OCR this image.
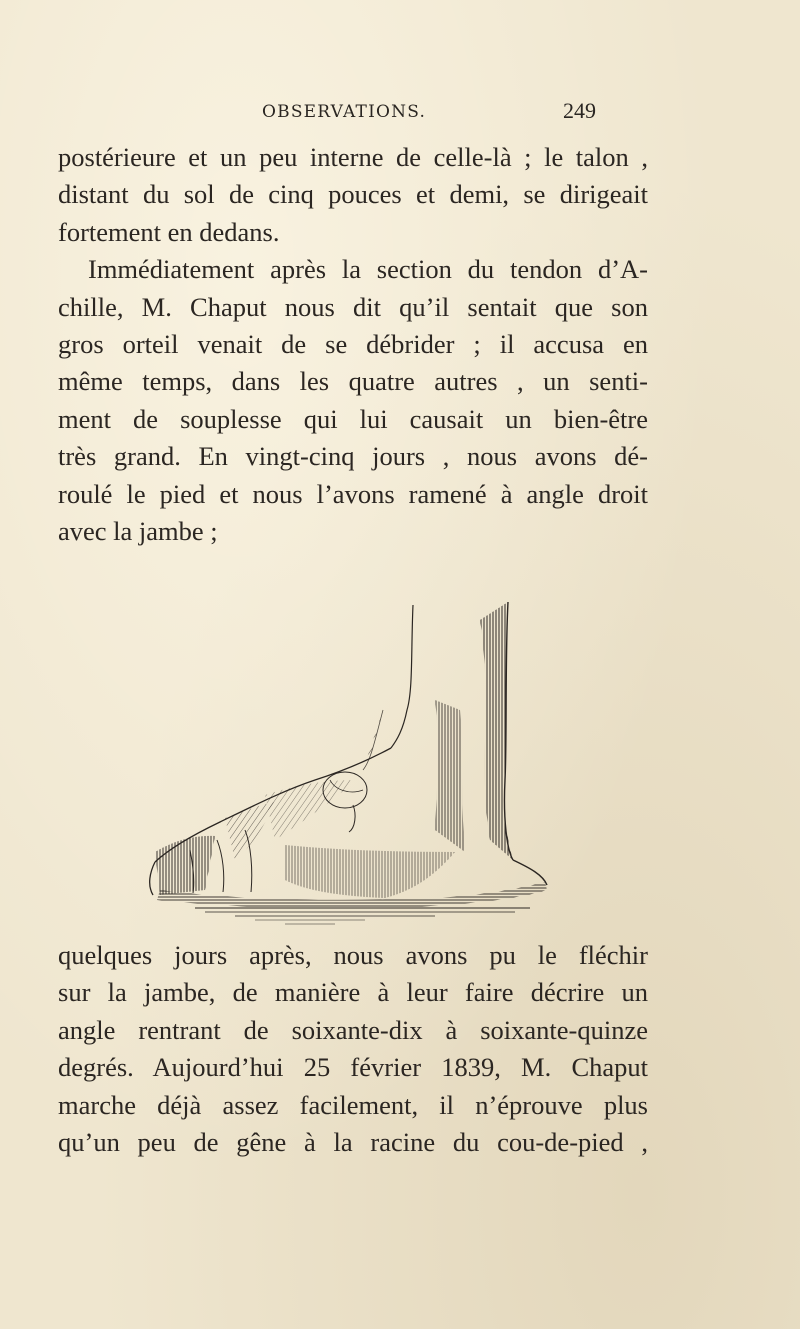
OBSERVATIONS.	249

postérieure et un peu interne de celle-là ; le talon ,
distant du sol de cinq pouces et demi, se dirigeait
fortement en dedans.

Immédiatement après la section du tendon d’A-
chille, M. Chaput nous dit qu’il sentait que son
gros orteil venait de se débrider ; il accusa en
même temps, dans les quatre autres , un senti-
ment de souplesse qui lui causait un bien-être
très grand. En vingt-cinq jours , nous avons dé-
roulé le pied et nous l’avons ramené à angle droit
avec la jambe ;

quelques jours après, nous avons pu le fléchir
sur la jambe, de manière à leur faire décrire un
angle rentrant de soixante-dix à soixante-quinze
degrés. Aujourd’hui 25 février 1839, M. Chaput
marche déjà assez facilement, il n’éprouve plus
qu’un peu de gêne à la racine du cou-de-pied ,
